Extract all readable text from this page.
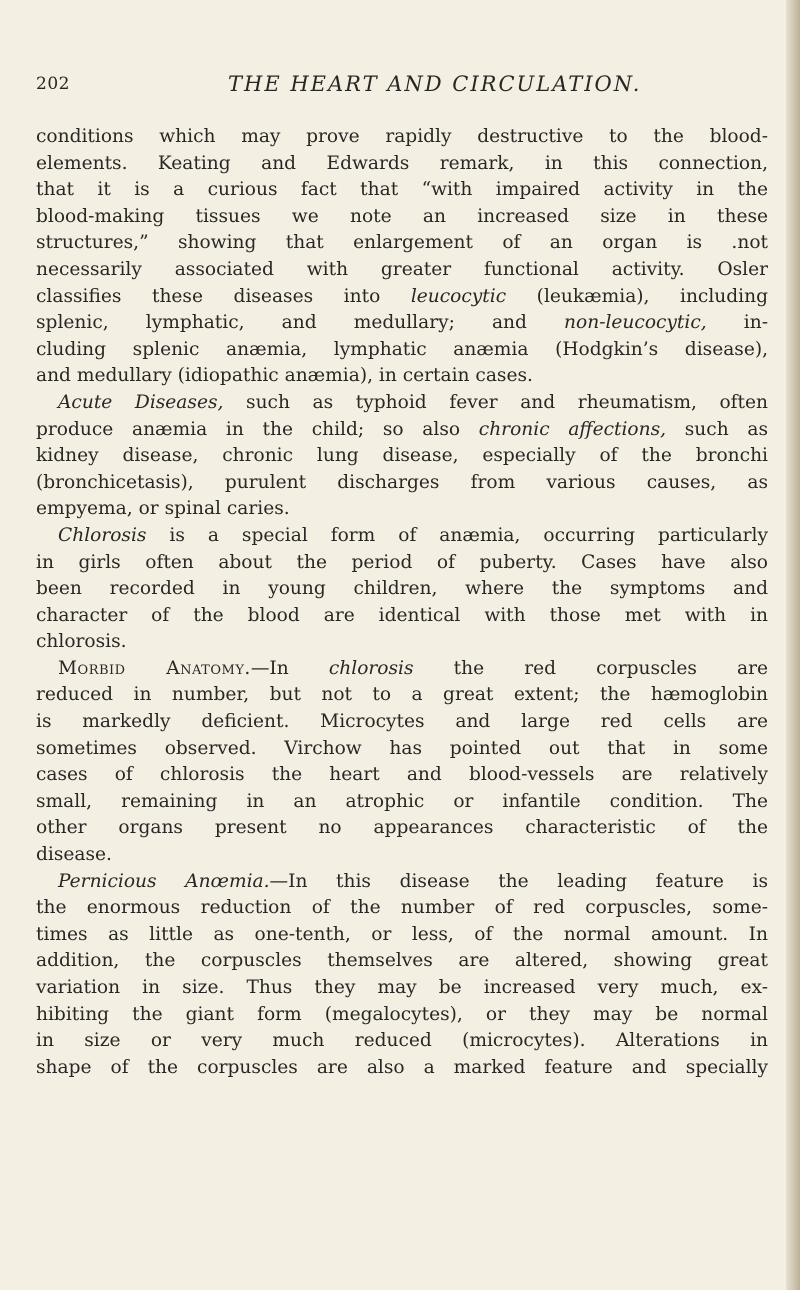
202	THE HEART AND CIRCULATION.
conditions which may prove rapidly destructive to the blood-
elements. Keating and Edwards remark, in this connection,
that it is a curious fact that “with impaired activity in the
blood-making tissues we note an increased size in these
structures,” showing that enlargement of an organ is .not
necessarily associated with greater functional activity. Osler
classifies these diseases into leucocytic (leukæmia), including
splenic, lymphatic, and medullary; and non-leucocytic, in-
cluding splenic anæmia, lymphatic anæmia (Hodgkin’s disease),
and medullary (idiopathic anæmia), in certain cases.
Acute Diseases, such as typhoid fever and rheumatism, often
produce anæmia in the child; so also chronic affections, such as
kidney disease, chronic lung disease, especially of the bronchi
(bronchicetasis), purulent discharges from various causes, as
empyema, or spinal caries.
Chlorosis is a special form of anæmia, occurring particularly
in girls often about the period of puberty. Cases have also
been recorded in young children, where the symptoms and
character of the blood are identical with those met with in
chlorosis.
Morbid Anatomy.—In chlorosis the red corpuscles are
reduced in number, but not to a great extent; the hæmoglobin
is markedly deficient. Microcytes and large red cells are
sometimes observed. Virchow has pointed out that in some
cases of chlorosis the heart and blood-vessels are relatively
small, remaining in an atrophic or infantile condition. The
other organs present no appearances characteristic of the
disease.
Pernicious Anœmia.—In this disease the leading feature is
the enormous reduction of the number of red corpuscles, some-
times as little as one-tenth, or less, of the normal amount. In
addition, the corpuscles themselves are altered, showing great
variation in size. Thus they may be increased very much, ex-
hibiting the giant form (megalocytes), or they may be normal
in size or very much reduced (microcytes). Alterations in
shape of the corpuscles are also a marked feature and specially
